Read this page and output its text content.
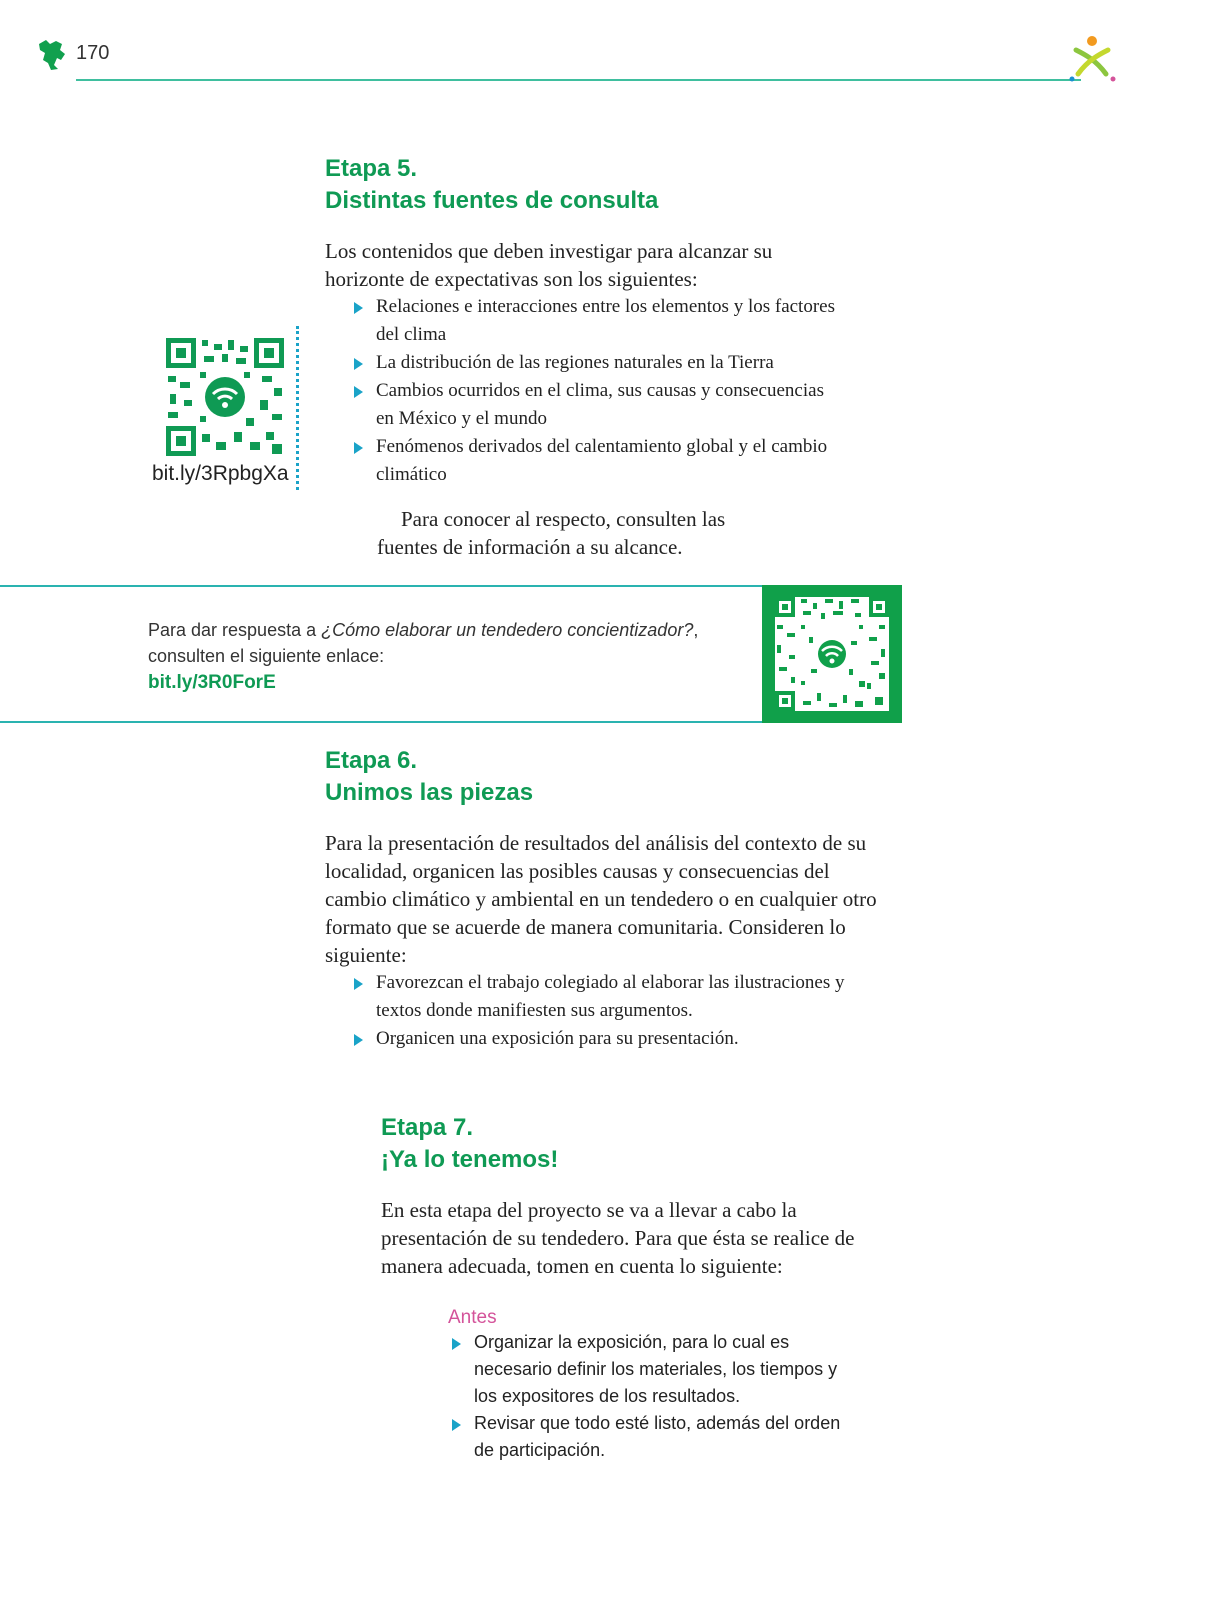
170
Etapa 5.
Distintas fuentes de consulta

Los contenidos que deben investigar para alcanzar su horizonte de expectativas son los siguientes:

Relaciones e interacciones entre los elementos y los factores del clima
La distribución de las regiones naturales en la Tierra
Cambios ocurridos en el clima, sus causas y consecuencias en México y el mundo
Fenómenos derivados del calentamiento global y el cambio climático

Para conocer al respecto, consulten las fuentes de información a su alcance.

bit.ly/3RpbgXa
Para dar respuesta a ¿Cómo elaborar un tendedero concientizador?, consulten el siguiente enlace:
bit.ly/3R0ForE
Etapa 6.
Unimos las piezas

Para la presentación de resultados del análisis del contexto de su localidad, organicen las posibles causas y consecuencias del cambio climático y ambiental en un tendedero o en cualquier otro formato que se acuerde de manera comunitaria. Consideren lo siguiente:

Favorezcan el trabajo colegiado al elaborar las ilustraciones y textos donde manifiesten sus argumentos.
Organicen una exposición para su presentación.
Etapa 7.
¡Ya lo tenemos!

En esta etapa del proyecto se va a llevar a cabo la presentación de su tendedero. Para que ésta se realice de manera adecuada, tomen en cuenta lo siguiente:

Antes
Organizar la exposición, para lo cual es necesario definir los materiales, los tiempos y los expositores de los resultados.
Revisar que todo esté listo, además del orden de participación.
